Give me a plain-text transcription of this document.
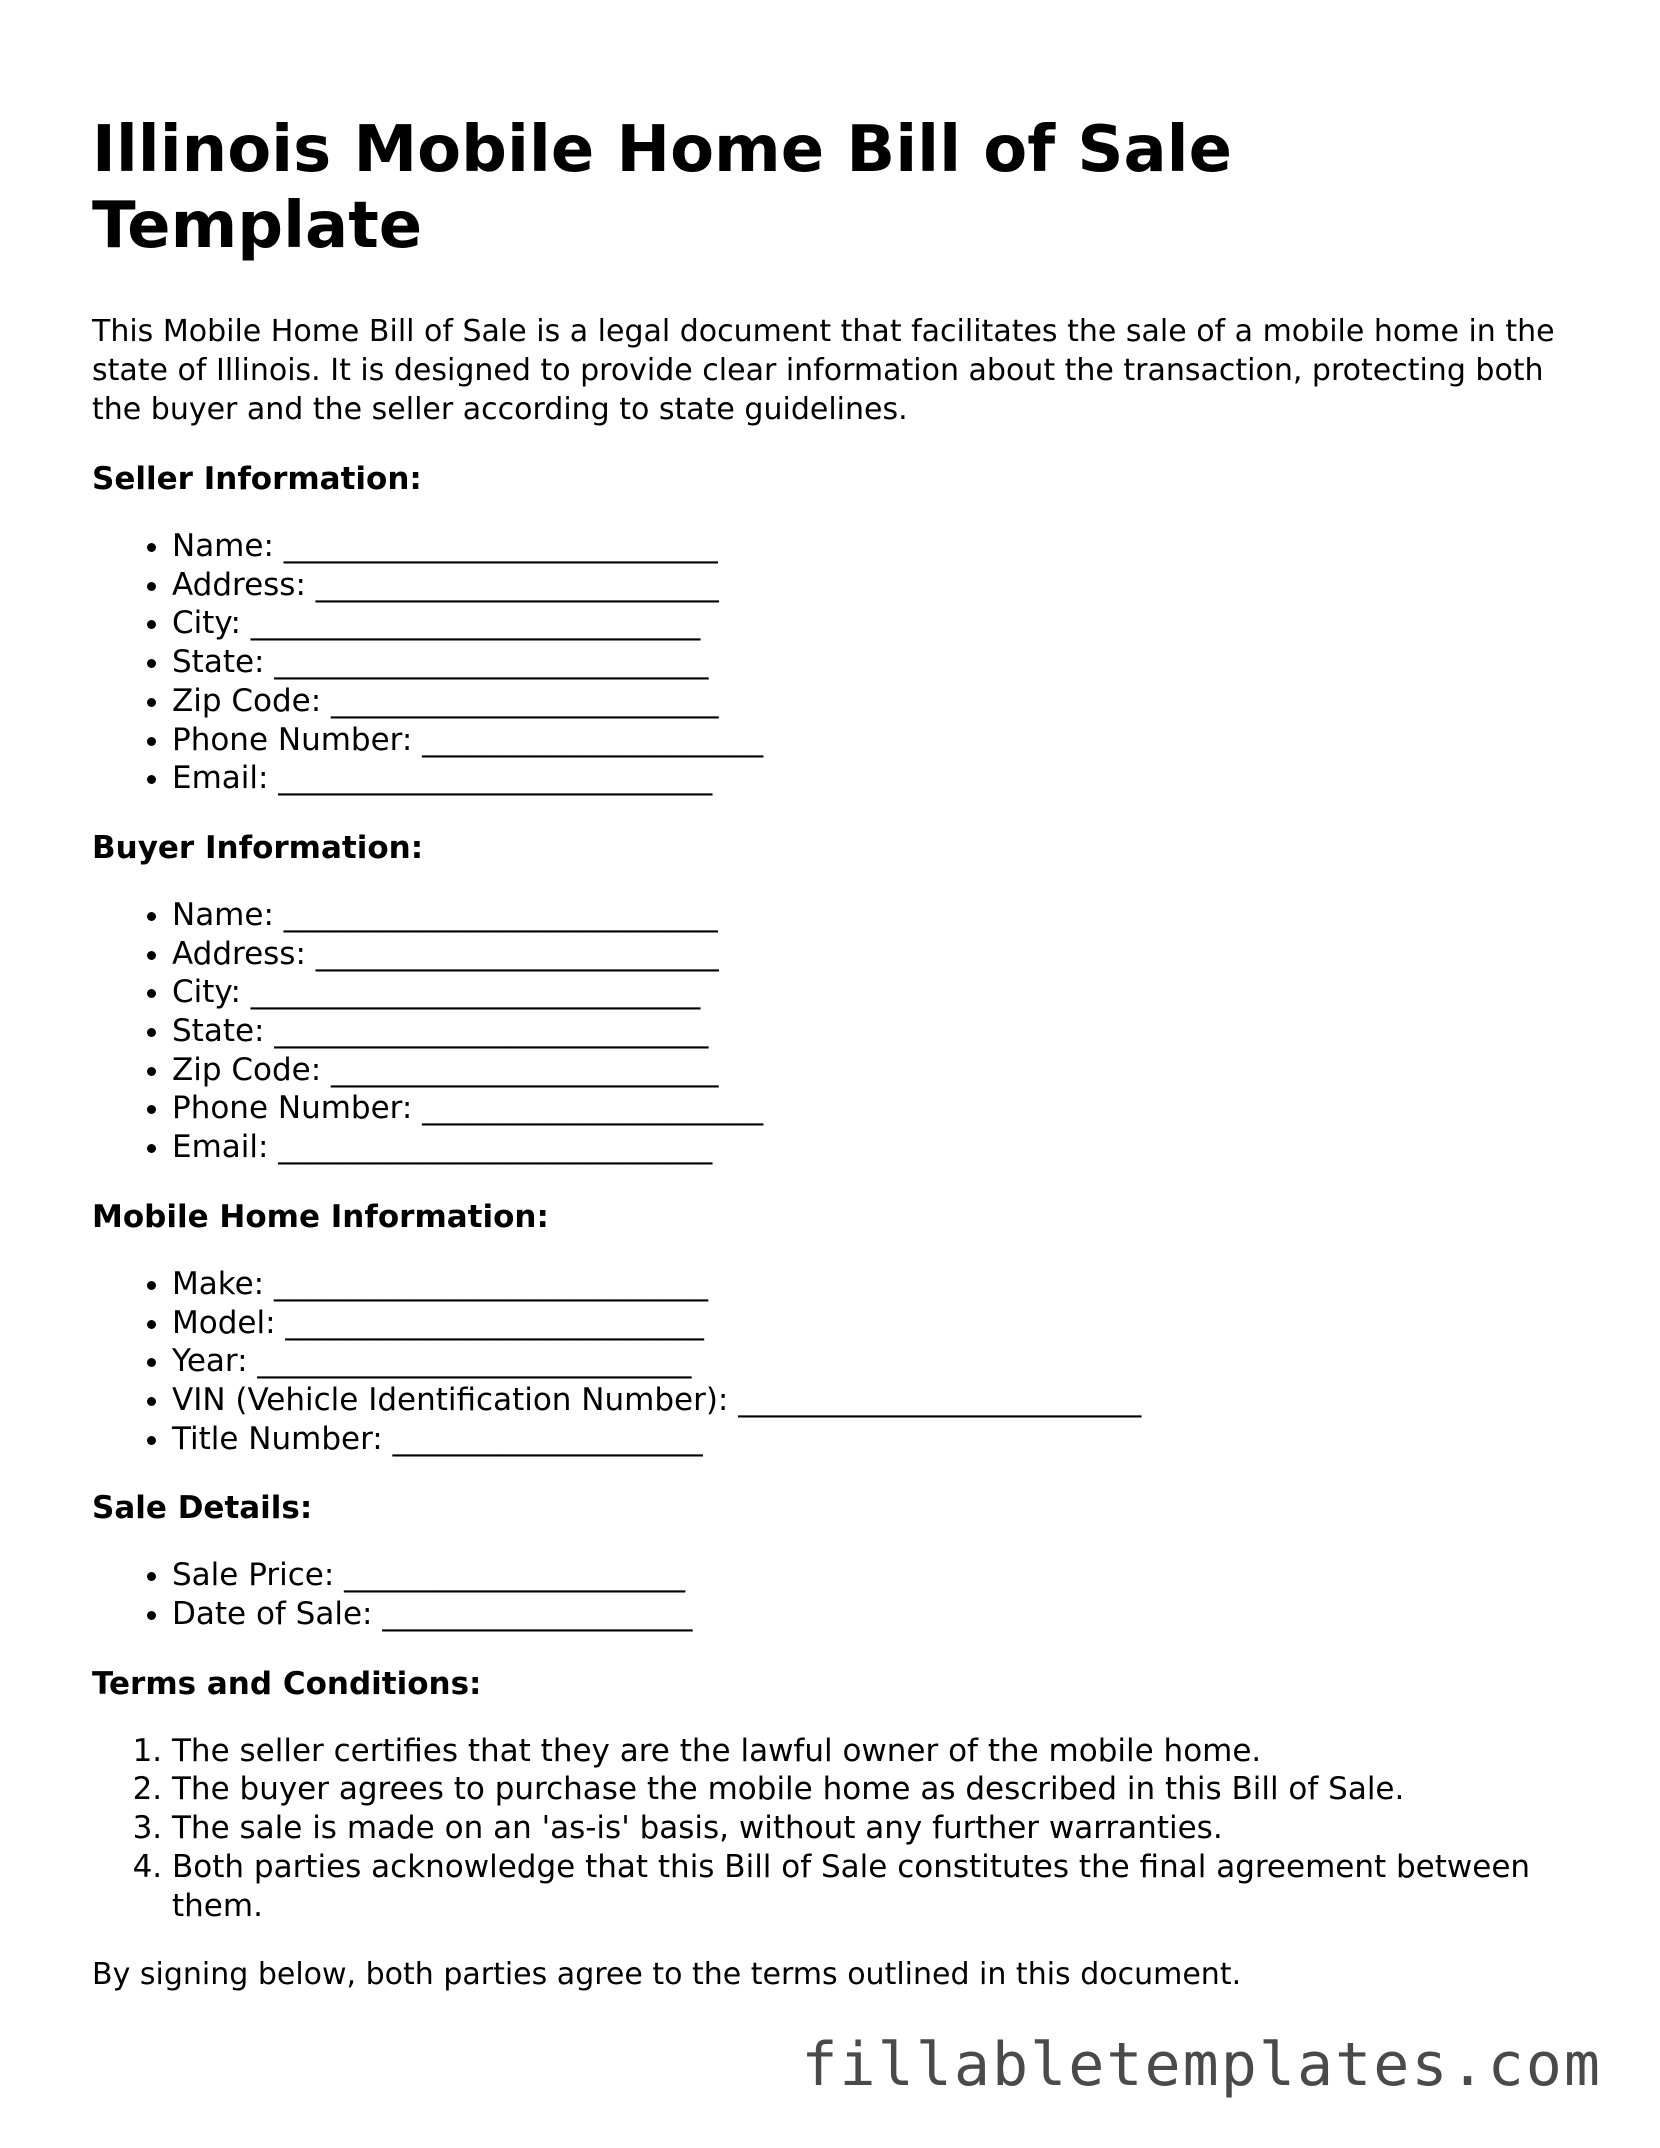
Illinois Mobile Home Bill of Sale Template

This Mobile Home Bill of Sale is a legal document that facilitates the sale of a mobile home in the state of Illinois. It is designed to provide clear information about the transaction, protecting both the buyer and the seller according to state guidelines.

Seller Information:
• Name: ____________________________
• Address: __________________________
• City: _____________________________
• State: ____________________________
• Zip Code: _________________________
• Phone Number: ______________________
• Email: ____________________________
Buyer Information:
• Name: ____________________________
• Address: __________________________
• City: _____________________________
• State: ____________________________
• Zip Code: _________________________
• Phone Number: ______________________
• Email: ____________________________
Mobile Home Information:
• Make: ____________________________
• Model: ___________________________
• Year: ____________________________
• VIN (Vehicle Identification Number): __________________________
• Title Number: ____________________
Sale Details:
• Sale Price: ______________________
• Date of Sale: ____________________
Terms and Conditions:
1. The seller certifies that they are the lawful owner of the mobile home.
2. The buyer agrees to purchase the mobile home as described in this Bill of Sale.
3. The sale is made on an 'as-is' basis, without any further warranties.
4. Both parties acknowledge that this Bill of Sale constitutes the final agreement between them.

By signing below, both parties agree to the terms outlined in this document.

fillabletemplates.com
